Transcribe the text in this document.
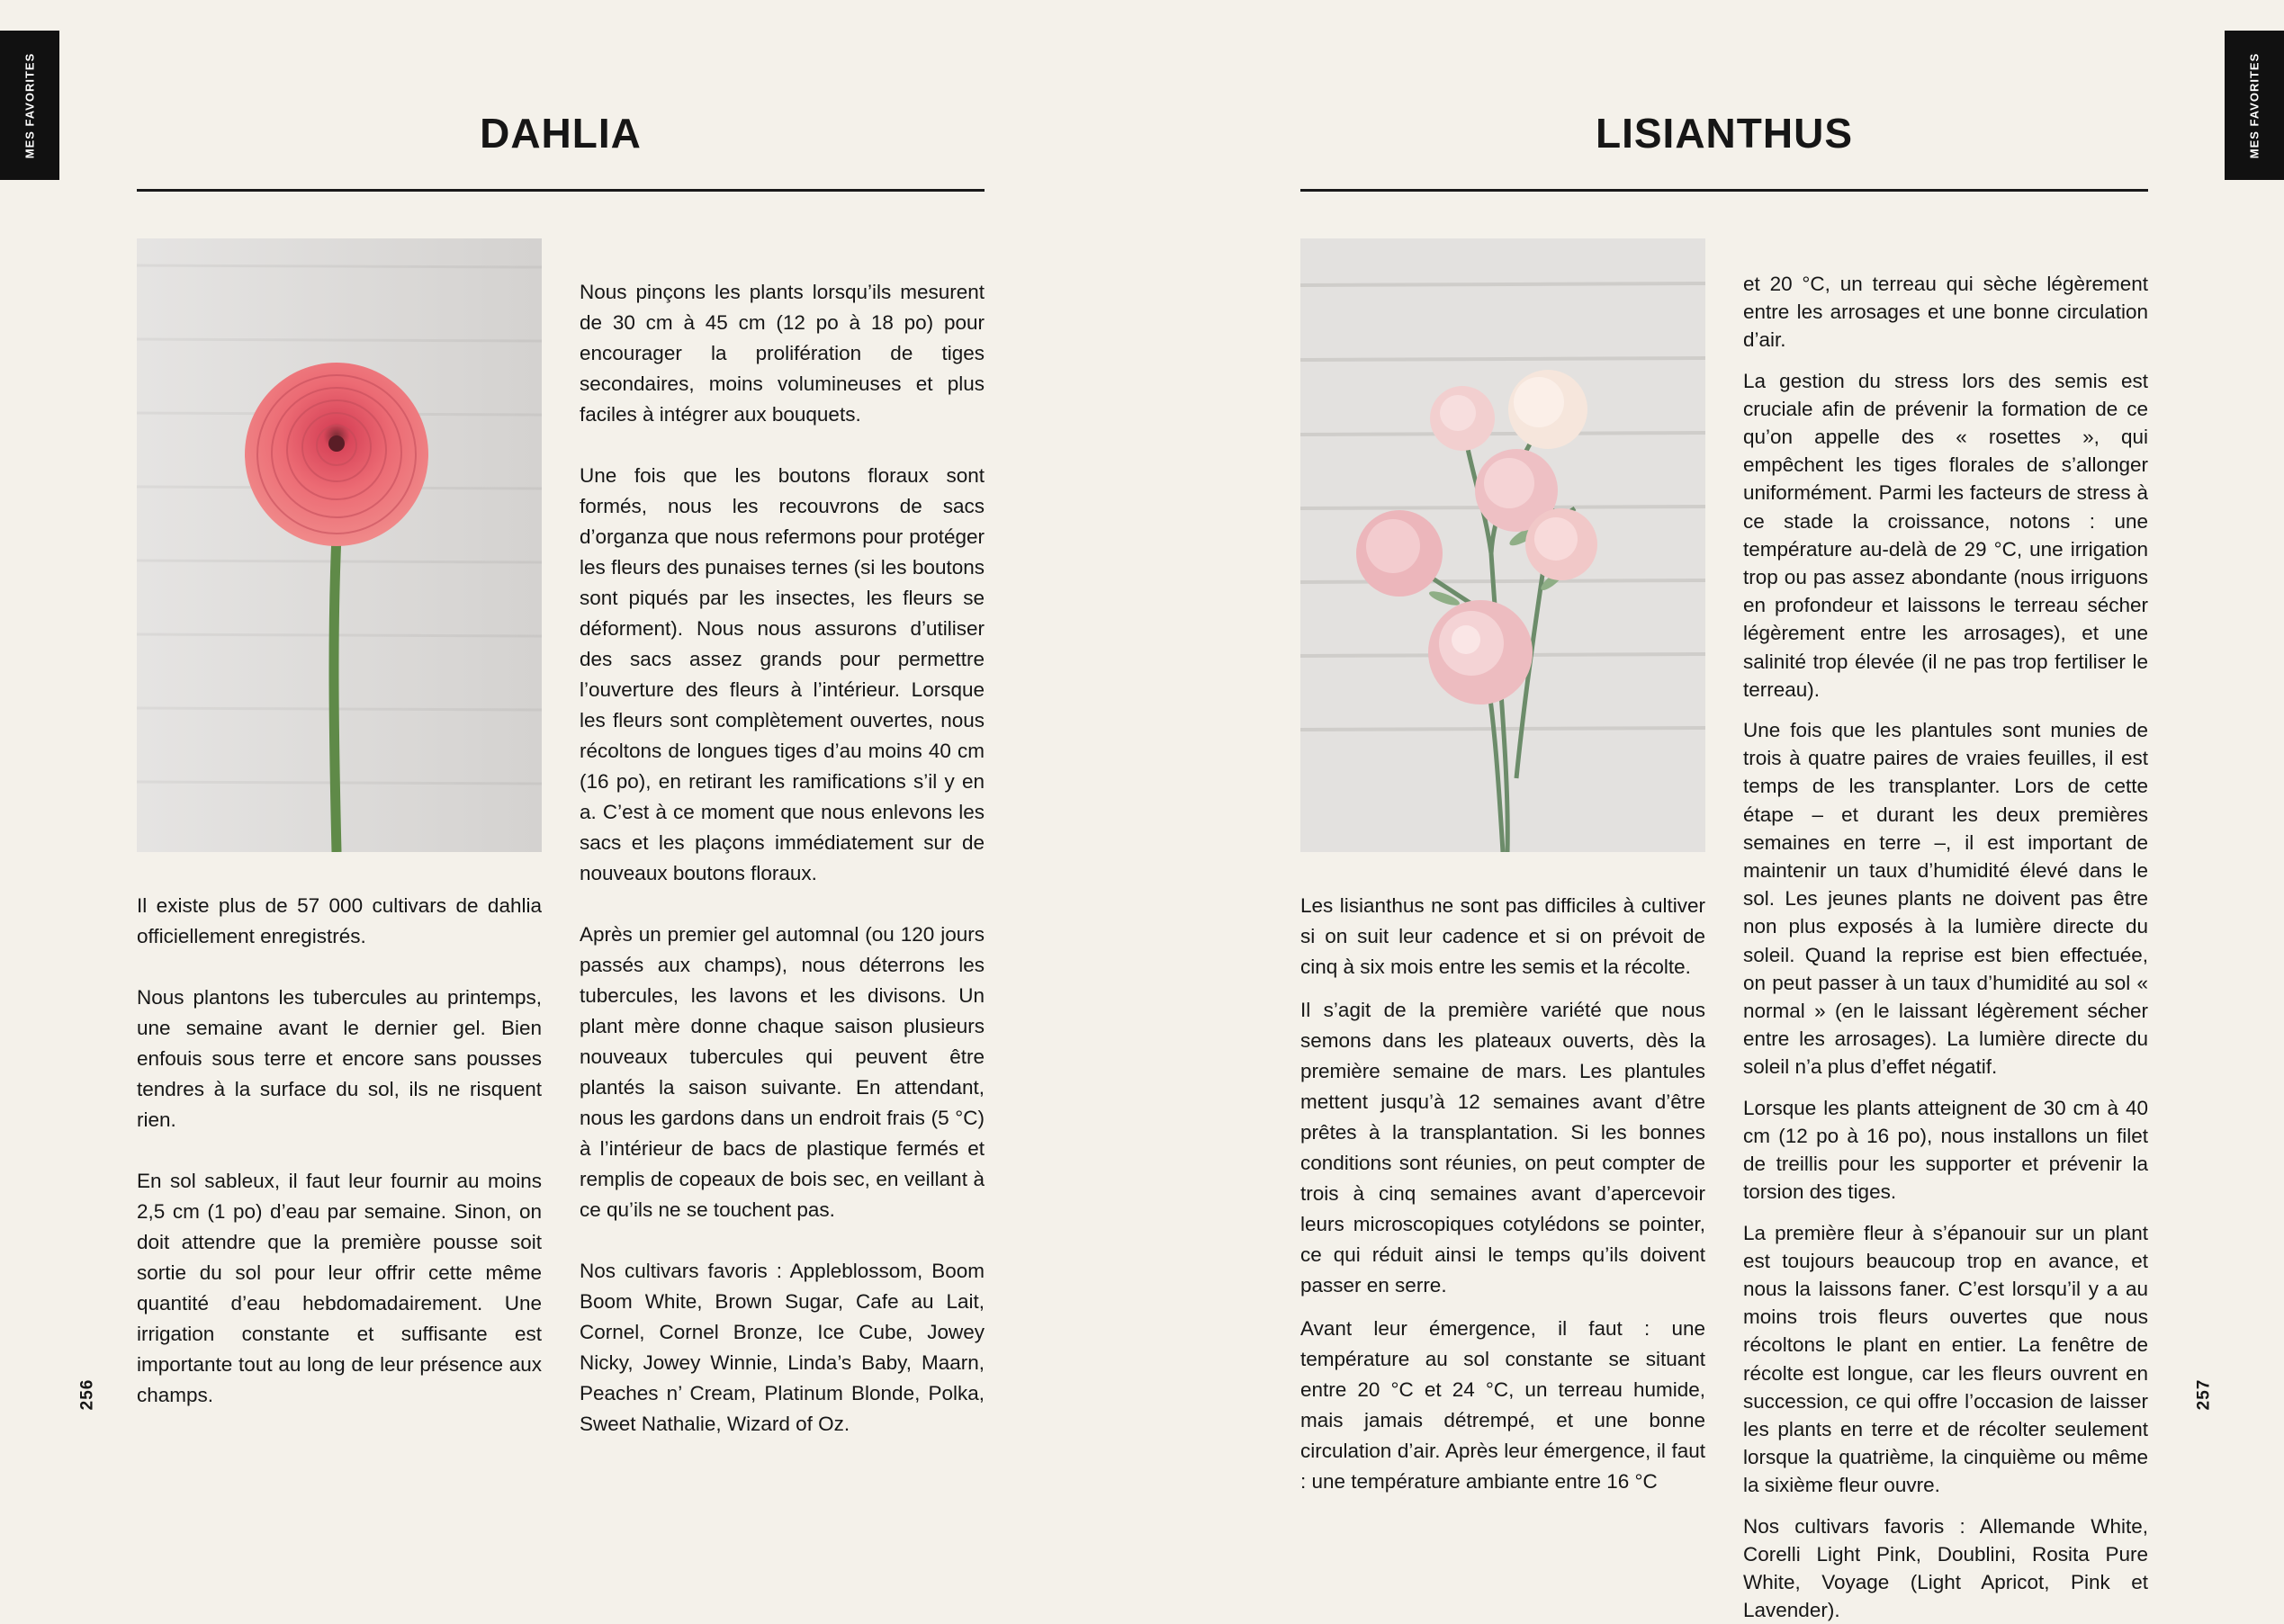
MES FAVORITES	DAHLIA

Il existe plus de 57 000 cultivars de dahlia officiellement enregistrés.

Nous plantons les tubercules au printemps, une semaine avant le dernier gel. Bien enfouis sous terre et encore sans pousses tendres à la surface du sol, ils ne risquent rien.

En sol sableux, il faut leur fournir au moins 2,5 cm (1 po) d’eau par semaine. Sinon, on doit attendre que la première pousse soit sortie du sol pour leur offrir cette même quantité d’eau hebdomadairement. Une irrigation constante et suffisante est importante tout au long de leur présence aux champs.

Nous pinçons les plants lorsqu’ils mesurent de 30 cm à 45 cm (12 po à 18 po) pour encourager la prolifération de tiges secondaires, moins volumineuses et plus faciles à intégrer aux bouquets.

Une fois que les boutons floraux sont formés, nous les recouvrons de sacs d’organza que nous refermons pour protéger les fleurs des punaises ternes (si les boutons sont piqués par les insectes, les fleurs se déforment). Nous nous assurons d’utiliser des sacs assez grands pour permettre l’ouverture des fleurs à l’intérieur. Lorsque les fleurs sont complètement ouvertes, nous récoltons de longues tiges d’au moins 40 cm (16 po), en retirant les ramifications s’il y en a. C’est à ce moment que nous enlevons les sacs et les plaçons immédiatement sur de nouveaux boutons floraux.

Après un premier gel automnal (ou 120 jours passés aux champs), nous déterrons les tubercules, les lavons et les divisons. Un plant mère donne chaque saison plusieurs nouveaux tubercules qui peuvent être plantés la saison suivante. En attendant, nous les gardons dans un endroit frais (5 °C) à l’intérieur de bacs de plastique fermés et remplis de copeaux de bois sec, en veillant à ce qu’ils ne se touchent pas.

Nos cultivars favoris : Appleblossom, Boom Boom White, Brown Sugar, Cafe au Lait, Cornel, Cornel Bronze, Ice Cube, Jowey Nicky, Jowey Winnie, Linda’s Baby, Maarn, Peaches n’ Cream, Platinum Blonde, Polka, Sweet Nathalie, Wizard of Oz.

256
MES FAVORITES
LISIANTHUS

Les lisianthus ne sont pas difficiles à cultiver si on suit leur cadence et si on prévoit de cinq à six mois entre les semis et la récolte.

Il s’agit de la première variété que nous semons dans les plateaux ouverts, dès la première semaine de mars. Les plantules mettent jusqu’à 12 semaines avant d’être prêtes à la transplantation. Si les bonnes conditions sont réunies, on peut compter de trois à cinq semaines avant d’apercevoir leurs microscopiques cotylédons se pointer, ce qui réduit ainsi le temps qu’ils doivent passer en serre.

Avant leur émergence, il faut : une température au sol constante se situant entre 20 °C et 24 °C, un terreau humide, mais jamais détrempé, et une bonne circulation d’air. Après leur émergence, il faut : une température ambiante entre 16 °C

et 20 °C, un terreau qui sèche légèrement entre les arrosages et une bonne circulation d’air.

La gestion du stress lors des semis est cruciale afin de prévenir la formation de ce qu’on appelle des « rosettes », qui empêchent les tiges florales de s’allonger uniformément. Parmi les facteurs de stress à ce stade la croissance, notons : une température au-delà de 29 °C, une irrigation trop ou pas assez abondante (nous irriguons en profondeur et laissons le terreau sécher légèrement entre les arrosages), et une salinité trop élevée (il ne pas trop fertiliser le terreau).

Une fois que les plantules sont munies de trois à quatre paires de vraies feuilles, il est temps de les transplanter. Lors de cette étape – et durant les deux premières semaines en terre –, il est important de maintenir un taux d’humidité élevé dans le sol. Les jeunes plants ne doivent pas être non plus exposés à la lumière directe du soleil. Quand la reprise est bien effectuée, on peut passer à un taux d’humidité au sol « normal » (en le laissant légèrement sécher entre les arrosages). La lumière directe du soleil n’a plus d’effet négatif.

Lorsque les plants atteignent de 30 cm à 40 cm (12 po à 16 po), nous installons un filet de treillis pour les supporter et prévenir la torsion des tiges.

La première fleur à s’épanouir sur un plant est toujours beaucoup trop en avance, et nous la laissons faner. C’est lorsqu’il y a au moins trois fleurs ouvertes que nous récoltons le plant en entier. La fenêtre de récolte est longue, car les fleurs ouvrent en succession, ce qui offre l’occasion de laisser les plants en terre et de récolter seulement lorsque la quatrième, la cinquième ou même la sixième fleur ouvre.

Nos cultivars favoris : Allemande White, Corelli Light Pink, Doublini, Rosita Pure White, Voyage (Light Apricot, Pink et Lavender).

257
